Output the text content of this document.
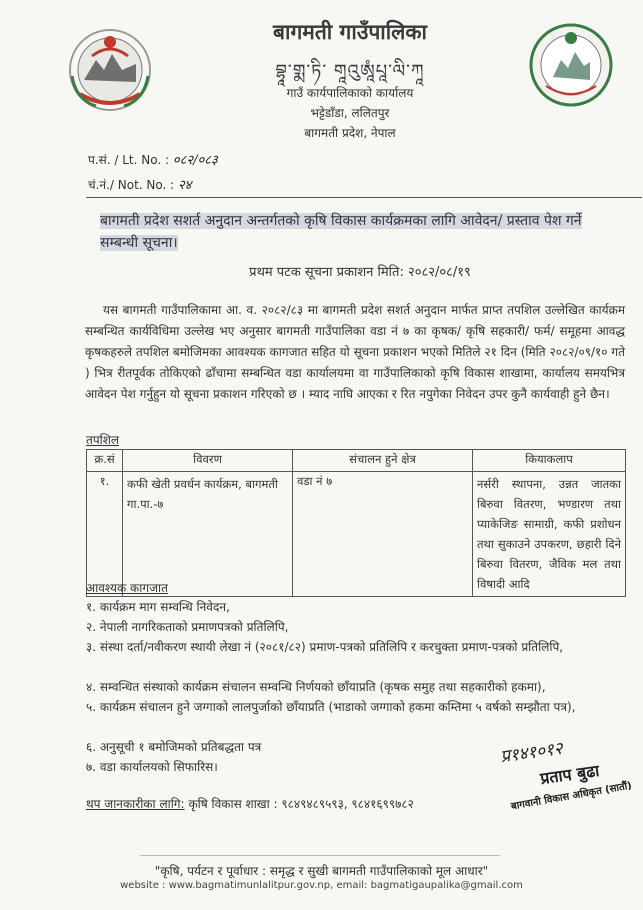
बागमती गाउँपालिका
བྷཱ་གྨ་ཏི་ གཱའུཨཱཾཔཱ་ལི་ཀཱ
गाउँ कार्यपालिकाको कार्यालय
भट्टेडाँडा, ललितपुर
बागमती प्रदेश, नेपाल
प.सं. / Lt. No. : ०८२/०८३
चं.नं./ Not. No. : २४
बागमती प्रदेश सशर्त अनुदान अन्तर्गतको कृषि विकास कार्यक्रमका लागि आवेदन/ प्रस्ताव पेश गर्ने
सम्बन्धी सूचना।
प्रथम पटक सूचना प्रकाशन मिति: २०८२/०८/१९
यस बागमती गाउँपालिकामा आ. व. २०८२/८३ मा बागमती प्रदेश सशर्त अनुदान मार्फत प्राप्त तपशिल उल्लेखित कार्यक्रम सम्बन्धित कार्यविधिमा उल्लेख भए अनुसार बागमती गाउँपालिका वडा नं ७ का कृषक/ कृषि सहकारी/ फर्म/ समूहमा आवद्ध कृषकहरुले तपशिल बमोजिमका आवश्यक कागजात सहित यो सूचना प्रकाशन भएको मितिले २१ दिन (मिति २०८२/०९/१० गते ) भित्र रीतपूर्वक तोकिएको ढाँचामा सम्बन्धित वडा कार्यालयमा वा गाउँपालिकाको कृषि विकास शाखामा, कार्यालय समयभित्र आवेदन पेश गर्नुहुन यो सूचना प्रकाशन गरिएको छ । म्याद नाघि आएका र रित नपुगेका निवेदन उपर कुनै कार्यवाही हुने छैन।
तपशिल
क्र.सं	विवरण	संचालन हुने क्षेत्र	कियाकलाप
१.	कफी खेती प्रवर्धन कार्यक्रम, बागमती गा.पा.-७	वडा नं ७	नर्सरी स्थापना, उन्नत जातका बिरुवा वितरण, भण्डारण तथा प्याकेजिङ सामाग्री, कफी प्रशोधन तथा सुकाउने उपकरण, छहारी दिने बिरुवा वितरण, जैविक मल तथा विषादी आदि
आवश्यक कागजात
१. कार्यक्रम माग सम्वन्धि निवेदन,
२. नेपाली नागरिकताको प्रमाणपत्रको प्रतिलिपि,
३. संस्था दर्ता/नवीकरण स्थायी लेखा नं (२०८१/८२) प्रमाण-पत्रको प्रतिलिपि र करचुक्ता प्रमाण-पत्रको प्रतिलिपि,
४. सम्वन्धित संस्थाको कार्यक्रम संचालन सम्वन्धि निर्णयको छाँयाप्रति (कृषक समुह तथा सहकारीको हकमा),
५. कार्यक्रम संचालन हुने जग्गाको लालपुर्जाको छाँयाप्रति (भाडाको जग्गाको हकमा कम्तिमा ५ वर्षको सम्झौता पत्र),
६. अनुसूची १ बमोजिमको प्रतिबद्धता पत्र
७. वडा कार्यालयको सिफारिस।
थप जानकारीका लागि: कृषि विकास शाखा : ९८४९४८९५९३, ९८४१६९९७८२
प्र१४१०१२
प्रताप बुढा
बागवानी विकास अधिकृत (सातौं)
"कृषि, पर्यटन र पूर्वाधार : समृद्ध र सुखी बागमती गाउँपालिकाको मूल आधार"
website : www.bagmatimunlalitpur.gov.np, email: bagmatigaupalika@gmail.com
